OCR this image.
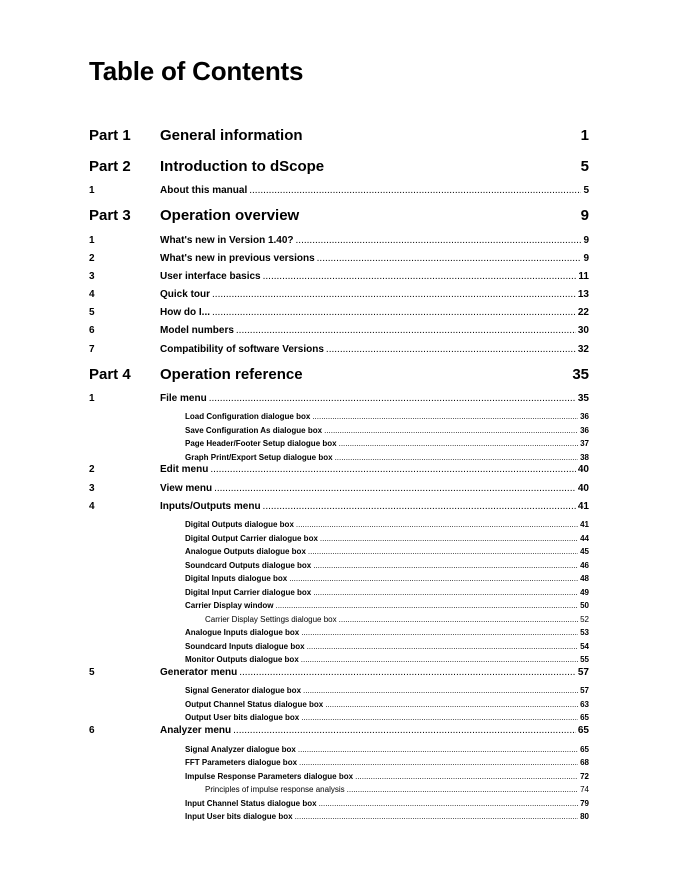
Table of Contents
Part 1 General information	1
Part 2 Introduction to dScope	5
Part 3 Operation overview	9
Part 4 Operation reference	35
1	About this manual .....	5
1	What's new in Version 1.40? .....	9
2	What's new in previous versions .....	9
3	User interface basics .....	11
4	Quick tour .....	13
5	How do I... .....	22
6	Model numbers .....	30
7	Compatibility of software Versions .....	32
1	File menu .....	35
Load Configuration dialogue box .....	36
Save Configuration As dialogue box .....	36
Page Header/Footer Setup dialogue box .....	37
Graph Print/Export Setup dialogue box .....	38
2	Edit menu .....	40
3	View menu .....	40
4	Inputs/Outputs menu .....	41
Digital Outputs dialogue box .....	41
Digital Output Carrier dialogue box .....	44
Analogue Outputs dialogue box .....	45
Soundcard Outputs dialogue box .....	46
Digital Inputs dialogue box .....	48
Digital Input Carrier dialogue box .....	49
Carrier Display window .....	50
Carrier Display Settings dialogue box .....	52
Analogue Inputs dialogue box .....	53
Soundcard Inputs dialogue box .....	54
Monitor Outputs dialogue box .....	55
5	Generator menu .....	57
Signal Generator dialogue box .....	57
Output Channel Status dialogue box .....	63
Output User bits dialogue box .....	65
6	Analyzer menu .....	65
Signal Analyzer dialogue box .....	65
FFT Parameters dialogue box .....	68
Impulse Response Parameters dialogue box .....	72
Principles of impulse response analysis .....	74
Input Channel Status dialogue box .....	79
Input User bits dialogue box .....	80
